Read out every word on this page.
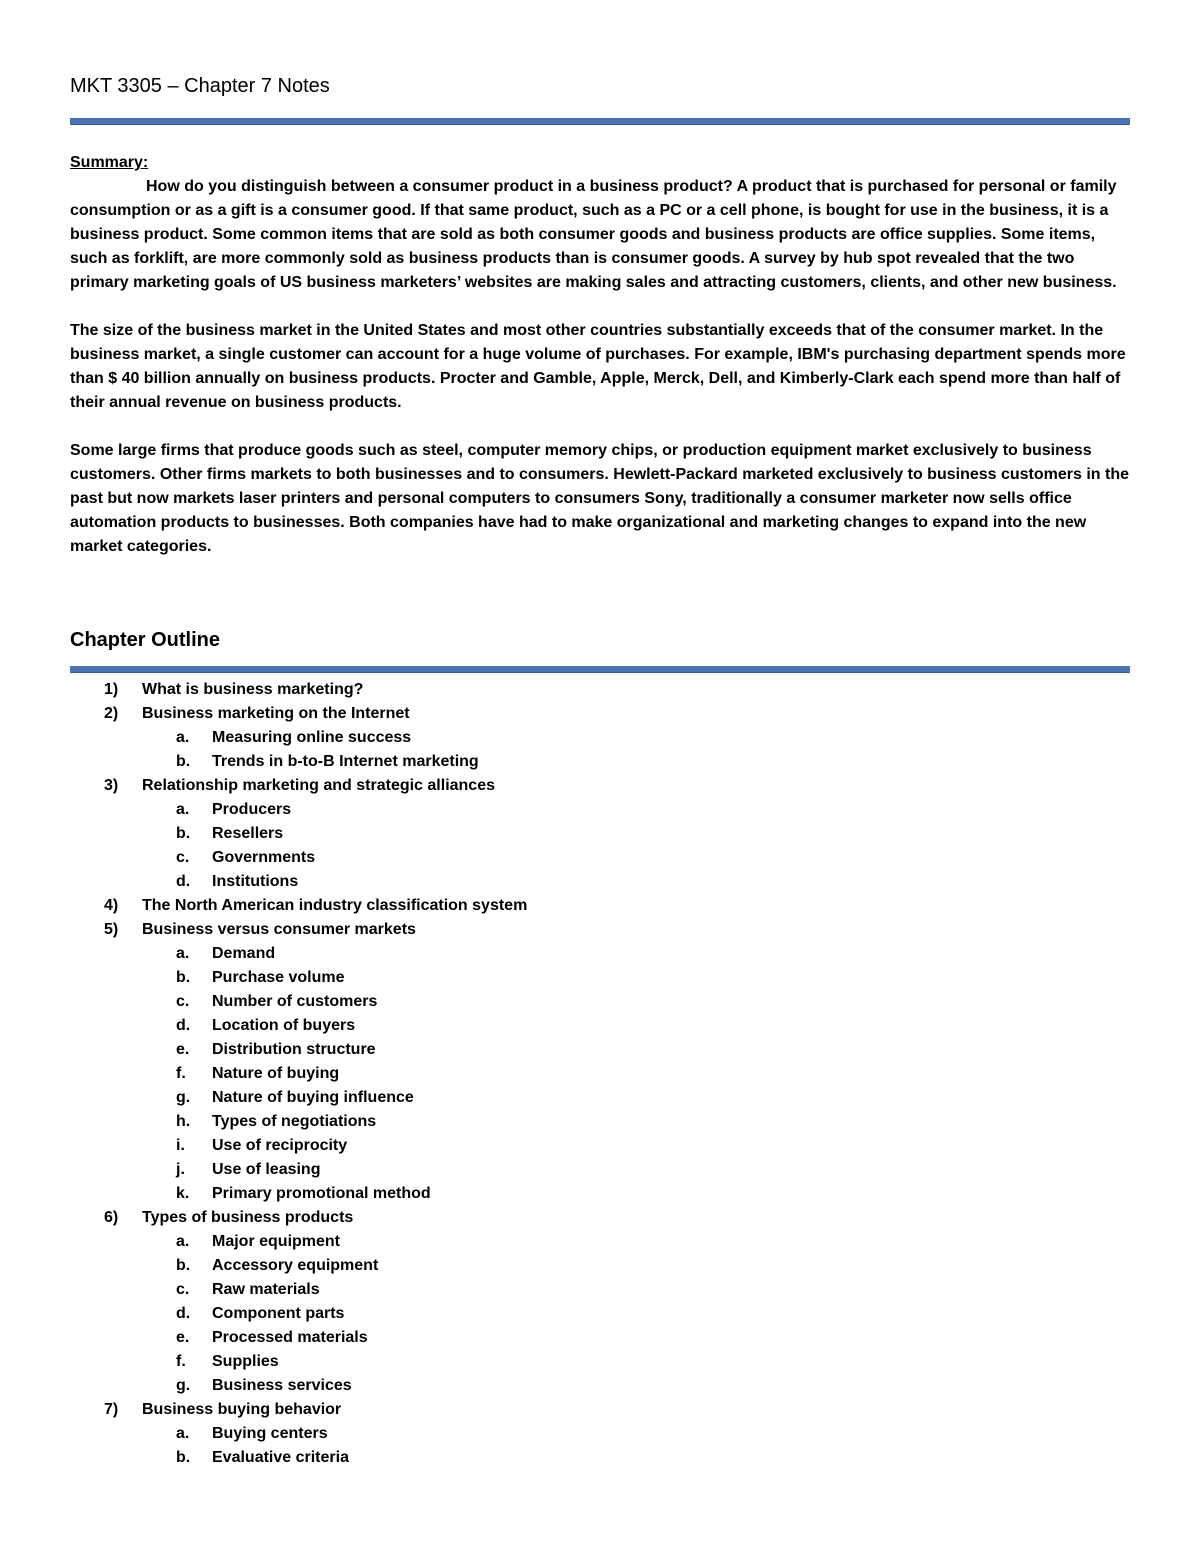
MKT 3305 – Chapter 7 Notes
Summary:

How do you distinguish between a consumer product in a business product? A product that is purchased for personal or family consumption or as a gift is a consumer good. If that same product, such as a PC or a cell phone, is bought for use in the business, it is a business product. Some common items that are sold as both consumer goods and business products are office supplies. Some items, such as forklift, are more commonly sold as business products than is consumer goods. A survey by hub spot revealed that the two primary marketing goals of US business marketers’ websites are making sales and attracting customers, clients, and other new business.

The size of the business market in the United States and most other countries substantially exceeds that of the consumer market. In the business market, a single customer can account for a huge volume of purchases. For example, IBM's purchasing department spends more than $ 40 billion annually on business products. Procter and Gamble, Apple, Merck, Dell, and Kimberly-Clark each spend more than half of their annual revenue on business products.

Some large firms that produce goods such as steel, computer memory chips, or production equipment market exclusively to business customers. Other firms markets to both businesses and to consumers. Hewlett-Packard marketed exclusively to business customers in the past but now markets laser printers and personal computers to consumers Sony, traditionally a consumer marketer now sells office automation products to businesses. Both companies have had to make organizational and marketing changes to expand into the new market categories.

Chapter Outline
1)	What is business marketing?
2)	Business marketing on the Internet
a.	Measuring online success
b.	Trends in b-to-B Internet marketing
3)	Relationship marketing and strategic alliances
a.	Producers
b.	Resellers
c.	Governments
d.	Institutions
4)	The North American industry classification system
5)	Business versus consumer markets
a.	Demand
b.	Purchase volume
c.	Number of customers
d.	Location of buyers
e.	Distribution structure
f.	Nature of buying
g.	Nature of buying influence
h.	Types of negotiations
i.	Use of reciprocity
j.	Use of leasing
k.	Primary promotional method
6)	Types of business products
a.	Major equipment
b.	Accessory equipment
c.	Raw materials
d.	Component parts
e.	Processed materials
f.	Supplies
g.	Business services
7)	Business buying behavior
a.	Buying centers
b.	Evaluative criteria
